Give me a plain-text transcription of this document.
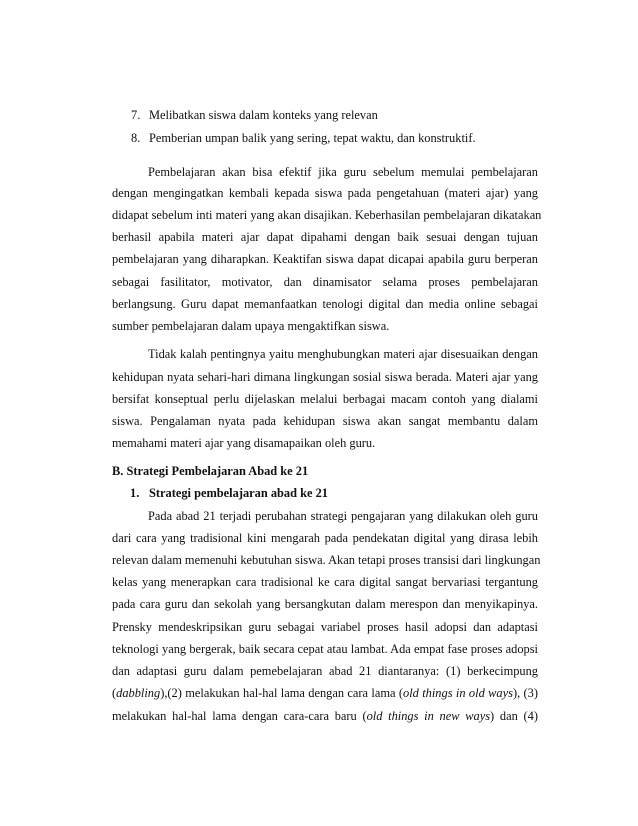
7. Melibatkan siswa dalam konteks yang relevan
8. Pemberian umpan balik yang sering, tepat waktu, dan konstruktif.
Pembelajaran akan bisa efektif jika guru sebelum memulai pembelajaran
dengan mengingatkan kembali kepada siswa pada pengetahuan (materi ajar) yang
didapat sebelum inti materi yang akan disajikan. Keberhasilan pembelajaran dikatakan
berhasil apabila materi ajar dapat dipahami dengan baik sesuai dengan tujuan
pembelajaran yang diharapkan. Keaktifan siswa dapat dicapai apabila guru berperan
sebagai fasilitator, motivator, dan dinamisator selama proses pembelajaran
berlangsung. Guru dapat memanfaatkan tenologi digital dan media online sebagai
sumber pembelajaran dalam upaya mengaktifkan siswa.
Tidak kalah pentingnya yaitu menghubungkan materi ajar disesuaikan dengan
kehidupan nyata sehari-hari dimana lingkungan sosial siswa berada. Materi ajar yang
bersifat konseptual perlu dijelaskan melalui berbagai macam contoh yang dialami
siswa. Pengalaman nyata pada kehidupan siswa akan sangat membantu dalam
memahami materi ajar yang disamapaikan oleh guru.
B. Strategi Pembelajaran Abad ke 21
1. Strategi pembelajaran abad ke 21
Pada abad 21 terjadi perubahan strategi pengajaran yang dilakukan oleh guru
dari cara yang tradisional kini mengarah pada pendekatan digital yang dirasa lebih
relevan dalam memenuhi kebutuhan siswa. Akan tetapi proses transisi dari lingkungan
kelas yang menerapkan cara tradisional ke cara digital sangat bervariasi tergantung
pada cara guru dan sekolah yang bersangkutan dalam merespon dan menyikapinya.
Prensky mendeskripsikan guru sebagai variabel proses hasil adopsi dan adaptasi
teknologi yang bergerak, baik secara cepat atau lambat. Ada empat fase proses adopsi
dan adaptasi guru dalam pemebelajaran abad 21 diantaranya: (1) berkecimpung
(dabbling),(2) melakukan hal-hal lama dengan cara lama (old things in old ways), (3)
melakukan hal-hal lama dengan cara-cara baru (old things in new ways) dan (4)
